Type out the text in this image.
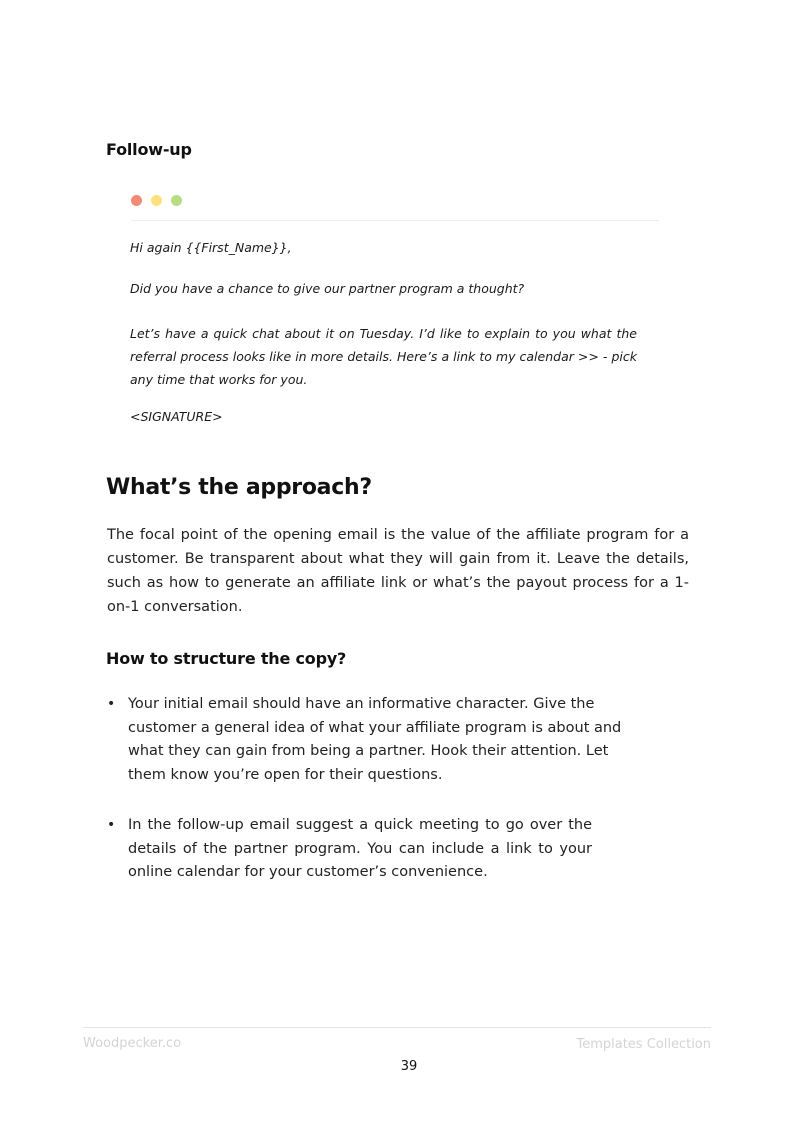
Follow-up
Hi again {{First_Name}},
Did you have a chance to give our partner program a thought?
Let’s have a quick chat about it on Tuesday. I’d like to explain to you what the referral process looks like in more details. Here’s a link to my calendar >> - pick any time that works for you.
<SIGNATURE>
What’s the approach?
The focal point of the opening email is the value of the affiliate program for a customer. Be transparent about what they will gain from it. Leave the details, such as how to generate an affiliate link or what’s the payout process for a 1-on-1 conversation.
How to structure the copy?
• Your initial email should have an informative character. Give the customer a general idea of what your affiliate program is about and what they can gain from being a partner. Hook their attention. Let them know you’re open for their questions.
• In the follow-up email suggest a quick meeting to go over the details of the partner program. You can include a link to your online calendar for your customer’s convenience.
Woodpecker.co	Templates Collection
39
